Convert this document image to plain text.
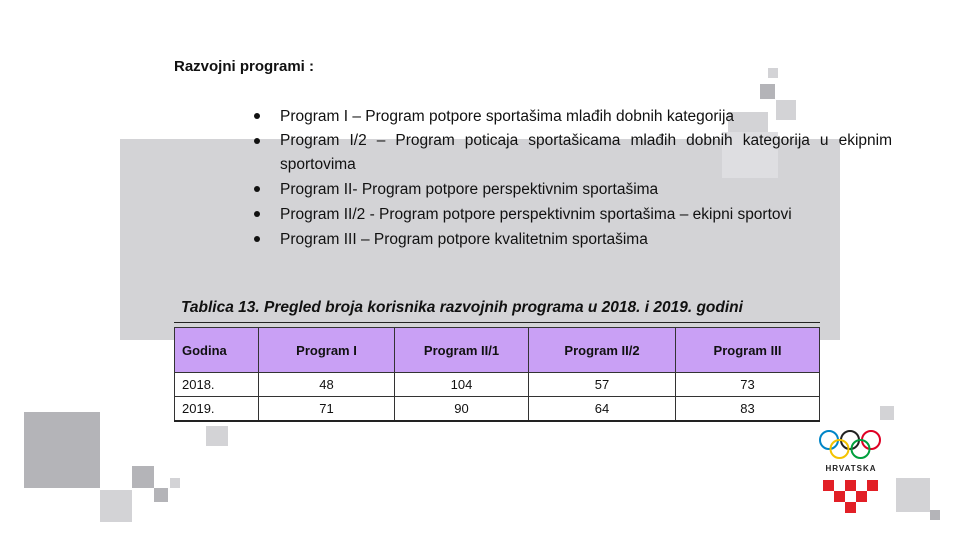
Razvojni programi :
Program I – Program potpore sportašima mlađih dobnih kategorija
Program I/2 – Program poticaja sportašicama mlađih dobnih kategorija u ekipnim sportovima
Program II- Program potpore perspektivnim sportašima
Program II/2 - Program potpore perspektivnim sportašima – ekipni sportovi
Program III – Program potpore kvalitetnim sportašima
Tablica 13. Pregled broja korisnika razvojnih programa u 2018. i 2019. godini
Godina	Program I	Program II/1	Program II/2	Program III
2018.	48	104	57	73
2019.	71	90	64	83
HRVATSKA
